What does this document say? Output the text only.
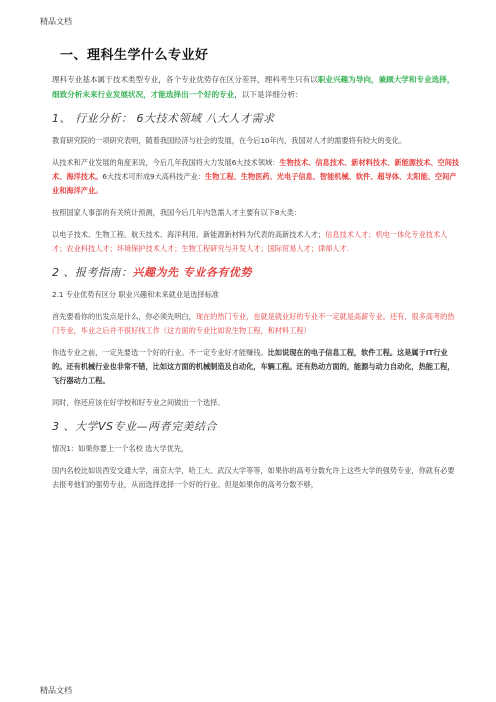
精品文档
一、理科生学什么专业好

理科专业基本属于技术类型专业，各个专业优势存在区分差异，理科考生只有以职业兴趣为导向，兼顾大学和专业选择，细致分析未来行业发展状况，才能选择出一个好的专业，以下是详细分析：

1、 行业分析： 6大技术领域 八大人才需求

教育研究院的一项研究表明，随着我国经济与社会的发展，在今后10年内，我国对人才的需要将有较大的变化。

从技术和产业发展的角度来说，今后几年我国将大力发展6大技术领域：生物技术、信息技术、新材料技术、新能源技术、空间技术、海洋技术。6大技术可形成9大高科技产业：生物工程、生物医药、光电子信息、智能机械、软件、超导体、太阳能、空间产业和海洋产业。

按照国家人事部的有关统计预测，我国今后几年内急需人才主要有以下8大类：

以电子技术、生物工程、航天技术、海洋利用、新能源新材料为代表的高新技术人才；信息技术人才；机电一体化专业技术人才；农业科技人才；环境保护技术人才；生物工程研究与开发人才；国际贸易人才；律师人才.

2 、报考指南：兴趣为先 专业各有优势

2.1 专业优势有区分 职业兴趣和未来就业是选择标准

首先要看你的出发点是什么，你必须先明白，现在的热门专业，也就是就业好的专业不一定就是高薪专业。还有，很多高考的热门专业，毕业之后并不很好找工作（这方面的专业比如说生物工程，和材料工程）

你选专业之前，一定先要选一个好的行业。不一定专业好才能赚钱。比如说现在的电子信息工程，软件工程。这是属于IT行业的。还有机械行业也非常不错，比如这方面的机械制造及自动化，车辆工程。还有热动方面的，能源与动力自动化，热能工程，飞行器动力工程。

同时，你还应该在好学校和好专业之间做出一个选择。

3 、大学VS专业—两者完美结合

情况1：如果你要上一个名校 选大学优先，

国内名校比如说西安交通大学，南京大学，哈工大、武汉大学等等，如果你的高考分数允许上这些大学的强势专业，你就有必要去报考他们的强势专业，从而选择选择一个好的行业。但是如果你的高考分数不够，

精品文档
